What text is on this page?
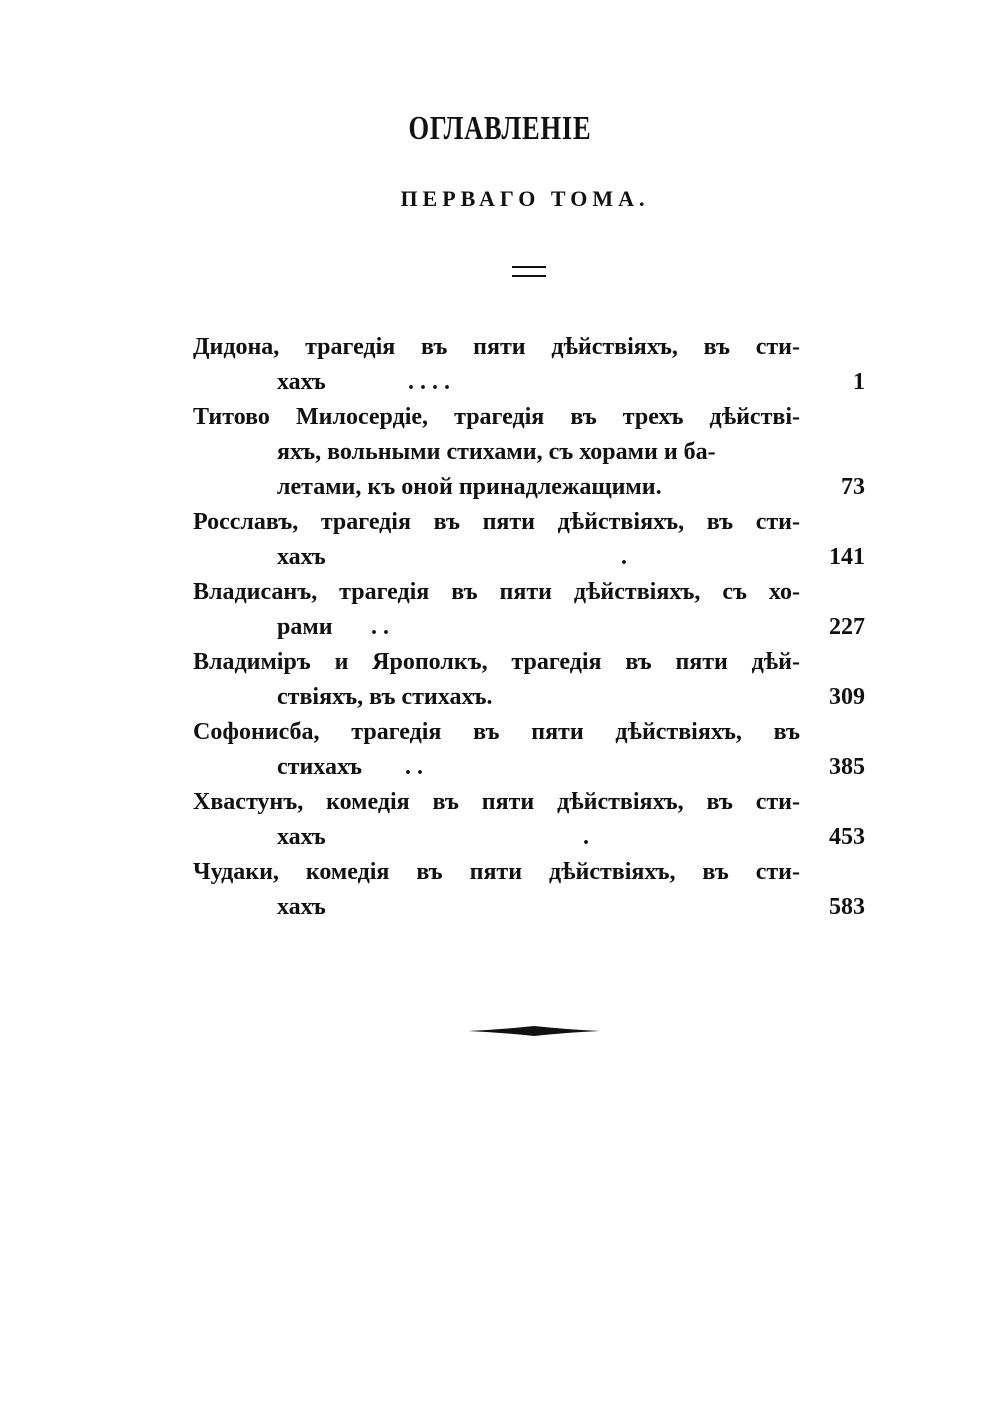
ОГЛАВЛЕНІЕ
ПЕРВАГО ТОМА.
Дидона, трагедія въ пяти дѣйствіяхъ, въ сти-
хахъ	. . . .	1
Титово Милосердіе, трагедія въ трехъ дѣйстві-
яхъ, вольными стихами, съ хорами и ба-
летами, къ оной принадлежащими.	73
Росславъ, трагедія въ пяти дѣйствіяхъ, въ сти-
хахъ	.	141
Владисанъ, трагедія въ пяти дѣйствіяхъ, съ хо-
рами . .	227
Владиміръ и Ярополкъ, трагедія въ пяти дѣй-
ствіяхъ, въ стихахъ.	309
Софонисба, трагедія въ пяти дѣйствіяхъ, въ
стихахъ . .	385
Хвастунъ, комедія въ пяти дѣйствіяхъ, въ сти-
хахъ	.	453
Чудаки, комедія въ пяти дѣйствіяхъ, въ сти-
хахъ	583
